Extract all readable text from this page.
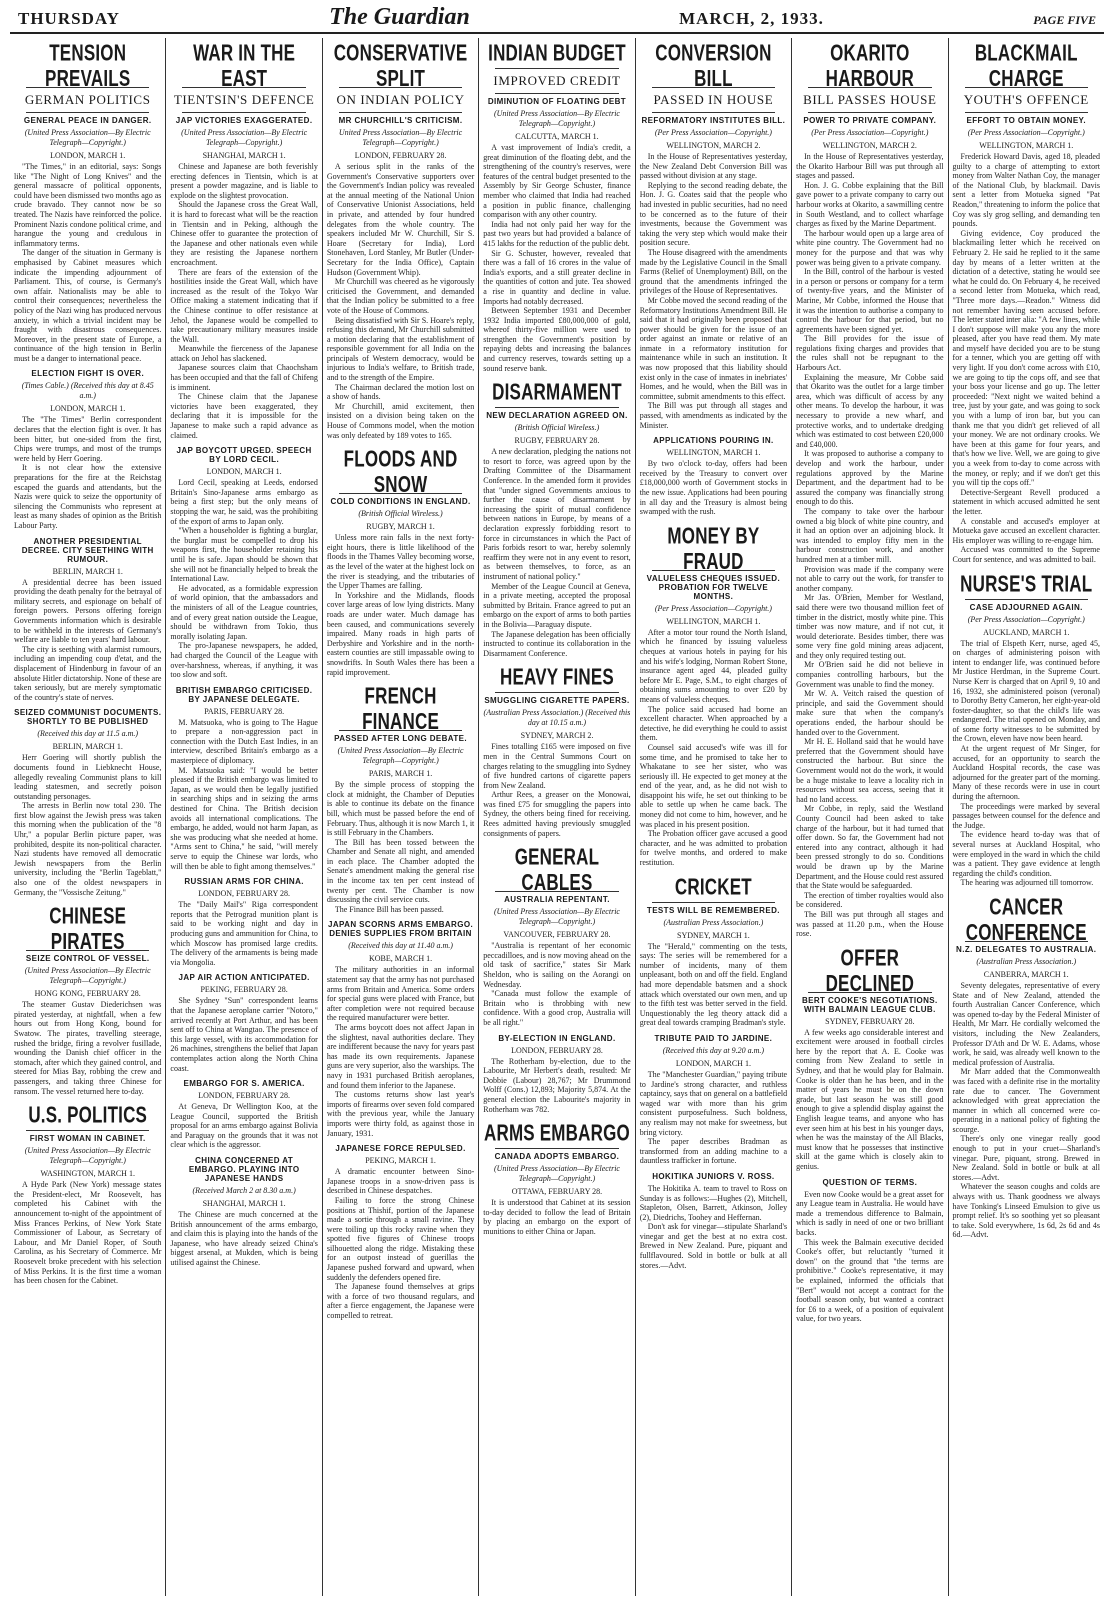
THURSDAY	The Guardian	MARCH, 2, 1933.	PAGE FIVE
TENSION PREVAILS
GERMAN POLITICS
GENERAL PEACE IN DANGER.
(United Press Association—By Electric Telegraph—Copyright.)
LONDON, MARCH 1.

"The Times," in an editorial, says: Songs like "The Night of Long Knives" and the general massacre of political opponents, could have been dismissed two months ago as crude bravado. They cannot now be so treated. The Nazis have reinforced the police. Prominent Nazis condone political crime, and harangue the young and credulous in inflammatory terms.

The danger of the situation in Germany is emphasised by Cabinet measures which indicate the impending adjournment of Parliament. This, of course, is Germany's own affair. Nationalists may be able to control their consequences; nevertheless the policy of the Nazi wing has produced nervous anxiety, in which a trivial incident may be fraught with disastrous consequences. Moreover, in the present state of Europe, a continuance of the high tension in Berlin must be a danger to international peace.

ELECTION FIGHT IS OVER.
(Times Cable.) (Received this day at 8.45 a.m.)
LONDON, MARCH 1.

The "The Times" Berlin correspondent declares that the election fight is over. It has been bitter, but one-sided from the first, Chips were trumps, and most of the trumps were held by Herr Goering.

It is not clear how the extensive preparations for the fire at the Reichstag escaped the guards and attendants, but the Nazis were quick to seize the opportunity of silencing the Communists who represent at least as many shades of opinion as the British Labour Party.

ANOTHER PRESIDENTIAL DECREE. CITY SEETHING WITH RUMOUR.
BERLIN, MARCH 1.

A presidential decree has been issued providing the death penalty for the betrayal of military secrets, and espionage on behalf of foreign powers. Persons offering foreign Governments information which is desirable to be withheld in the interests of Germany's welfare are liable to ten years' hard labour.

The city is seething with alarmist rumours, including an impending coup d'etat, and the displacement of Hindenburg in favour of an absolute Hitler dictatorship. None of these are taken seriously, but are merely symptomatic of the country's state of nerves.

SEIZED COMMUNIST DOCUMENTS. SHORTLY TO BE PUBLISHED
(Received this day at 11.5 a.m.)
BERLIN, MARCH 1.

Herr Goering will shortly publish the documents found in Liebknecht House, allegedly revealing Communist plans to kill leading statesmen, and secretly poison outstanding personages.

The arrests in Berlin now total 230. The first blow against the Jewish press was taken this morning when the publication of the "8 Uhr," a popular Berlin picture paper, was prohibited, despite its non-political character. Nazi students have removed all democratic Jewish newspapers from the Berlin university, including the "Berlin Tageblatt," also one of the oldest newspapers in Germany, the "Vossische Zeitung."

CHINESE PIRATES
SEIZE CONTROL OF VESSEL.
(United Press Association—By Electric Telegraph—Copyright.)
HONG KONG, FEBRUARY 28.

The steamer Gustav Diederichsen was pirated yesterday, at nightfall, when a few hours out from Hong Kong, bound for Swatow. The pirates, travelling steerage, rushed the bridge, firing a revolver fusillade, wounding the Danish chief officer in the stomach, after which they gained control, and steered for Mias Bay, robbing the crew and passengers, and taking three Chinese for ransom. The vessel returned here to-day.

U.S. POLITICS
FIRST WOMAN IN CABINET.
(United Press Association—By Electric Telegraph—Copyright.)
WASHINGTON, MARCH 1.

A Hyde Park (New York) message states the President-elect, Mr Roosevelt, has completed his Cabinet with the announcement to-night of the appointment of Miss Frances Perkins, of New York State Commissioner of Labour, as Secretary of Labour, and Mr Daniel Roper, of South Carolina, as his Secretary of Commerce. Mr Roosevelt broke precedent with his selection of Miss Perkins. It is the first time a woman has been chosen for the Cabinet.

WAR IN THE EAST
TIENTSIN'S DEFENCE
JAP VICTORIES EXAGGERATED.
(United Press Association—By Electric Telegraph—Copyright.)
SHANGHAI, MARCH 1.

Chinese and Japanese are both feverishly erecting defences in Tientsin, which is at present a powder magazine, and is liable to explode on the slightest provocation.

Should the Japanese cross the Great Wall, it is hard to forecast what will be the reaction in Tientsin and in Peking, although the Chinese offer to guarantee the protection of the Japanese and other nationals even while they are resisting the Japanese northern encroachment.

There are fears of the extension of the hostilities inside the Great Wall, which have increased as the result of the Tokyo War Office making a statement indicating that if the Chinese continue to offer resistance at Jehol, the Japanese would be compelled to take precautionary military measures inside the Wall.

Meanwhile the fierceness of the Japanese attack on Jehol has slackened.

Japanese sources claim that Chaochsham has been occupied and that the fall of Chifeng is imminent.

The Chinese claim that the Japanese victories have been exaggerated, they declaring that it is impossible for the Japanese to make such a rapid advance as claimed.

JAP BOYCOTT URGED. SPEECH BY LORD CECIL.
LONDON, MARCH 1.

Lord Cecil, speaking at Leeds, endorsed Britain's Sino-Japanese arms embargo as being a first step; but the only means of stopping the war, he said, was the prohibiting of the export of arms to Japan only.

"When a householder is fighting a burglar, the burglar must be compelled to drop his weapons first, the householder retaining his until he is safe. Japan should be shown that she will not be financially helped to break the International Law.

He advocated, as a formidable expression of world opinion, that the ambassadors and the ministers of all of the League countries, and of every great nation outside the League, should be withdrawn from Tokio, thus morally isolating Japan.

The pro-Japanese newspapers, he added, had charged the Council of the League with over-harshness, whereas, if anything, it was too slow and soft.

BRITISH EMBARGO CRITICISED. BY JAPANESE DELEGATE.
PARIS, FEBRUARY 28.

M. Matsuoka, who is going to The Hague to prepare a non-aggression pact in connection with the Dutch East Indies, in an interview, described Britain's embargo as a masterpiece of diplomacy.

M. Matsuoka said: "I would be better pleased if the British embargo was limited to Japan, as we would then be legally justified in searching ships and in seizing the arms destined for China. The British decision avoids all international complications. The embargo, he added, would not harm Japan, as she was producing what she needed at home. "Arms sent to China," he said, "will merely serve to equip the Chinese war lords, who will then be able to fight among themselves."

RUSSIAN ARMS FOR CHINA.
LONDON, FEBRUARY 28.

The "Daily Mail's" Riga correspondent reports that the Petrograd munition plant is said to be working night and day in producing guns and ammunition for China, to which Moscow has promised large credits. The delivery of the armaments is being made via Mongolia.

JAP AIR ACTION ANTICIPATED.
PEKING, FEBRUARY 28.

She Sydney "Sun" correspondent learns that the Japanese aeroplane carrier "Notoro," arrived recently at Port Arthur, and has been sent off to China at Wangtao. The presence of this large vessel, with its accommodation for 26 machines, strengthens the belief that Japan contemplates action along the North China coast.

EMBARGO FOR S. AMERICA.
LONDON, FEBRUARY 28.

At Geneva, Dr Wellington Koo, at the League Council, supported the British proposal for an arms embargo against Bolivia and Paraguay on the grounds that it was not clear which is the aggressor.

CHINA CONCERNED AT EMBARGO. PLAYING INTO JAPANESE HANDS
(Received March 2 at 8.30 a.m.)
SHANGHAI, MARCH 1.

The Chinese are much concerned at the British announcement of the arms embargo, and claim this is playing into the hands of the Japanese, who have already seized China's biggest arsenal, at Mukden, which is being utilised against the Chinese.

CONSERVATIVE SPLIT
ON INDIAN POLICY
MR CHURCHILL'S CRITICISM.
United Press Association—By Electric Telegraph—Copyright.)
LONDON, FEBRUARY 28.

A serious split in the ranks of the Government's Conservative supporters over the Government's Indian policy was revealed at the annual meeting of the National Union of Conservative Unionist Associations, held in private, and attended by four hundred delegates from the whole country. The speakers included Mr W. Churchill, Sir S. Hoare (Secretary for India), Lord Stonehaven, Lord Stanley, Mr Butler (Under-Secretary for the India Office), Captain Hudson (Government Whip).

Mr Churchill was cheered as he vigorously criticised the Government, and demanded that the Indian policy be submitted to a free vote of the House of Commons.

Being dissatisfied with Sir S. Hoare's reply, refusing this demand, Mr Churchill submitted a motion declaring that the establishment of responsible government for all India on the principals of Western democracy, would be injurious to India's welfare, to British trade, and to the strength of the Empire.

The Chairman declared the motion lost on a show of hands.

Mr Churchill, amid excitement, then insisted on a division being taken on the House of Commons model, when the motion was only defeated by 189 votes to 165.

FLOODS AND SNOW
COLD CONDITIONS IN ENGLAND.
(British Official Wireless.)
RUGBY, MARCH 1.

Unless more rain falls in the next forty-eight hours, there is little likelihood of the floods in the Thames Valley becoming worse, as the level of the water at the highest lock on the river is steadying, and the tributaries of the Upper Thames are falling.

In Yorkshire and the Midlands, floods cover large areas of low lying districts. Many roads are under water. Much damage has been caused, and communications severely impaired. Many roads in high parts of Derbyshire and Yorkshire and in the north-eastern counties are still impassable owing to snowdrifts. In South Wales there has been a rapid improvement.

FRENCH FINANCE
PASSED AFTER LONG DEBATE.
(United Press Association—By Electric Telegraph—Copyright.)
PARIS, MARCH 1.

By the simple process of stopping the clock at midnight, the Chamber of Deputies is able to continue its debate on the finance bill, which must be passed before the end of February. Thus, although it is now March 1, it is still February in the Chambers.

The Bill has been tossed between the Chamber and Senate all night, and amended in each place. The Chamber adopted the Senate's amendment making the general rise in the income tax ten per cent instead of twenty per cent. The Chamber is now discussing the civil service cuts.

The Finance Bill has been passed.

JAPAN SCORNS ARMS EMBARGO. DENIES SUPPLIES FROM BRITAIN
(Received this day at 11.40 a.m.)
KOBE, MARCH 1.

The military authorities in an informal statement say that the army has not purchased arms from Britain and America. Some orders for special guns were placed with France, but after completion were not required because the required manufacturer were better.

The arms boycott does not affect Japan in the slightest, naval authorities declare. They are indifferent because the navy for years past has made its own requirements. Japanese guns are very superior, also the warships. The navy in 1931 purchased British aeroplanes, and found them inferior to the Japanese.

The customs returns show last year's imports of firearms over seven fold compared with the previous year, while the January imports were thirty fold, as against those in January, 1931.

JAPANESE FORCE REPULSED.
PEKING, MARCH 1.

A dramatic encounter between Sino-Japanese troops in a snow-driven pass is described in Chinese despatches.

Failing to force the strong Chinese positions at Thishif, portion of the Japanese made a sortie through a small ravine. They were toiling up this rocky ravine when they spotted five figures of Chinese troops silhouetted along the ridge. Mistaking these for an outpost instead of guerillas the Japanese pushed forward and upward, when suddenly the defenders opened fire.

The Japanese found themselves at grips with a force of two thousand regulars, and after a fierce engagement, the Japanese were compelled to retreat.

INDIAN BUDGET
IMPROVED CREDIT
DIMINUTION OF FLOATING DEBT
(United Press Association—By Electric Telegraph—Copyright.)
CALCUTTA, MARCH 1.

A vast improvement of India's credit, a great diminution of the floating debt, and the strengthening of the country's reserves, were features of the central budget presented to the Assembly by Sir George Schuster, finance member who claimed that India had reached a position in public finance, challenging comparison with any other country.

India had not only paid her way for the past two years but had provided a balance of 415 lakhs for the reduction of the public debt.

Sir G. Schuster, however, revealed that there was a fall of 16 crores in the value of India's exports, and a still greater decline in the quantities of cotton and jute. Tea showed a rise in quantity and decline in value. Imports had notably decreased.

Between September 1931 and December 1932 India imported £80,000,000 of gold, whereof thirty-five million were used to strengthen the Government's position by repaying debts and increasing the balances and currency reserves, towards setting up a sound reserve bank.

DISARMAMENT
NEW DECLARATION AGREED ON.
(British Official Wireless.)
RUGBY, FEBRUARY 28.

A new declaration, pledging the nations not to resort to force, was agreed upon by the Drafting Committee of the Disarmament Conference. In the amended form it provides that "under signed Governments anxious to further the cause of disarmament by increasing the spirit of mutual confidence between nations in Europe, by means of a declaration expressly forbidding resort to force in circumstances in which the Pact of Paris forbids resort to war, hereby solemnly reaffirm they were not in any event to resort, as between themselves, to force, as an instrument of national policy."

Member of the League Council at Geneva, in a private meeting, accepted the proposal submitted by Britain. France agreed to put an embargo on the export of arms to both parties in the Bolivia—Paraguay dispute.

The Japanese delegation has been officially instructed to continue its collaboration in the Disarmament Conference.

HEAVY FINES
SMUGGLING CIGARETTE PAPERS.
(Australian Press Association.) (Received this day at 10.15 a.m.)
SYDNEY, MARCH 2.

Fines totalling £165 were imposed on five men in the Central Summons Court on charges relating to the smuggling into Sydney of five hundred cartons of cigarette papers from New Zealand.

Arthur Rees, a greaser on the Monowai, was fined £75 for smuggling the papers into Sydney, the others being fined for receiving. Rees admitted having previously smuggled consignments of papers.

GENERAL CABLES
AUSTRALIA REPENTANT.
(United Press Association—By Electric Telegraph—Copyright.)
VANCOUVER, FEBRUARY 28.

"Australia is repentant of her economic peccadilloes, and is now moving ahead on the old task of sacrifice," states Sir Mark Sheldon, who is sailing on the Aorangi on Wednesday.

"Canada must follow the example of Britain who is throbbing with new confidence. With a good crop, Australia will be all right."

BY-ELECTION IN ENGLAND.
LONDON, FEBRUARY 28.

The Rotherham by-election, due to the Labourite, Mr Herbert's death, resulted: Mr Dobbie (Labour) 28,767; Mr Drummond Wolff (Cons.) 12,893; Majority 5,874. At the general election the Labourite's majority in Rotherham was 782.

ARMS EMBARGO
CANADA ADOPTS EMBARGO.
(United Press Association—By Electric Telegraph—Copyright.)
OTTAWA, FEBRUARY 28.

It is understood that Cabinet at its session to-day decided to follow the lead of Britain by placing an embargo on the export of munitions to either China or Japan.

CONVERSION BILL
PASSED IN HOUSE
REFORMATORY INSTITUTES BILL.
(Per Press Association—Copyright.)
WELLINGTON, MARCH 2.

In the House of Representatives yesterday, the New Zealand Debt Conversion Bill was passed without division at any stage.

Replying to the second reading debate, the Hon. J. G. Coates said that the people who had invested in public securities, had no need to be concerned as to the future of their investments, because the Government was taking the very step which would make their position secure.

The House disagreed with the amendments made by the Legislative Council in the Small Farms (Relief of Unemployment) Bill, on the ground that the amendments infringed the privileges of the House of Representatives.

Mr Cobbe moved the second reading of the Reformatory Institutions Amendment Bill. He said that it had originally been proposed that power should be given for the issue of an order against an inmate or relative of an inmate in a reformatory institution for maintenance while in such an institution. It was now proposed that this liability should exist only in the case of inmates in inebriates' Homes, and he would, when the Bill was in committee, submit amendments to this effect.

The Bill was put through all stages and passed, with amendments as indicated by the Minister.

APPLICATIONS POURING IN.
WELLINGTON, MARCH 1.

By two o'clock to-day, offers had been received by the Treasury to convert over £18,000,000 worth of Government stocks in the new issue. Applications had been pouring in all day and the Treasury is almost being swamped with the rush.

MONEY BY FRAUD
VALUELESS CHEQUES ISSUED. PROBATION FOR TWELVE MONTHS.
(Per Press Association—Copyright.)
WELLINGTON, MARCH 1.

After a motor tour round the North Island, which he financed by issuing valueless cheques at various hotels in paying for his and his wife's lodging, Norman Robert Stone, insurance agent aged 44, pleaded guilty before Mr E. Page, S.M., to eight charges of obtaining sums amounting to over £20 by means of valueless cheques.

The police said accused had borne an excellent character. When approached by a detective, he did everything he could to assist them.

Counsel said accused's wife was ill for some time, and he promised to take her to Whakatane to see her sister, who was seriously ill. He expected to get money at the end of the year, and, as he did not wish to disappoint his wife, he set out thinking to be able to settle up when he came back. The money did not come to him, however, and he was placed in his present position.

The Probation officer gave accused a good character, and he was admitted to probation for twelve months, and ordered to make restitution.

CRICKET
TESTS WILL BE REMEMBERED.
(Australian Press Association.)
SYDNEY, MARCH 1.

The "Herald," commenting on the tests, says: The series will be remembered for a number of incidents, many of them unpleasant, both on and off the field. England had more dependable batsmen and a shock attack which overstated our own men, and up to the fifth test was better served in the field. Unquestionably the leg theory attack did a great deal towards cramping Bradman's style.

TRIBUTE PAID TO JARDINE.
(Received this day at 9.20 a.m.)
LONDON, MARCH 1.

The "Manchester Guardian," paying tribute to Jardine's strong character, and ruthless captaincy, says that on general on a battlefield waged war with more than his grim consistent purposefulness. Such boldness, any realism may not make for sweetness, but bring victory.

The paper describes Bradman as transformed from an adding machine to a dauntless trafficker in fortune.

HOKITIKA JUNIORS V. ROSS.

The Hokitika A. team to travel to Ross on Sunday is as follows:—Hughes (2), Mitchell, Stapleton, Olsen, Barrett, Atkinson, Jolley (2), Diedrichs, Toohey and Heffernan.

Don't ask for vinegar—stipulate Sharland's vinegar and get the best at no extra cost. Brewed in New Zealand. Pure, piquant and fullflavoured. Sold in bottle or bulk at all stores.—Advt.

OKARITO HARBOUR
BILL PASSES HOUSE
POWER TO PRIVATE COMPANY.
(Per Press Association—Copyright.)
WELLINGTON, MARCH 2.

In the House of Representatives yesterday, the Okarito Harbour Bill was put through all stages and passed.

Hon. J. G. Cobbe explaining that the Bill gave power to a private company to carry out harbour works at Okarito, a sawmilling centre in South Westland, and to collect wharfage charges as fixed by the Marine Department.

The harbour would open up a large area of white pine country. The Government had no money for the purpose and that was why power was being given to a private company.

In the Bill, control of the harbour is vested in a person or persons or company for a term of twenty-five years, and the Minister of Marine, Mr Cobbe, informed the House that it was the intention to authorise a company to control the harbour for that period, but no agreements have been signed yet.

The Bill provides for the issue of regulations fixing charges and provides that the rules shall not be repugnant to the Harbours Act.

Explaining the measure, Mr Cobbe said that Okarito was the outlet for a large timber area, which was difficult of access by any other means. To develop the harbour, it was necessary to provide a new wharf, and protective works, and to undertake dredging which was estimated to cost between £20,000 and £40,000.

It was proposed to authorise a company to develop and work the harbour, under regulations approved by the Marine Department, and the department had to be assured the company was financially strong enough to do this.

The company to take over the harbour owned a big block of white pine country, and it had an option over an adjoining block. It was intended to employ fifty men in the harbour construction work, and another hundred men at a timber mill.

Provision was made if the company were not able to carry out the work, for transfer to another company.

Mr Jas. O'Brien, Member for Westland, said there were two thousand million feet of timber in the district, mostly white pine. This timber was now mature, and if not cut, it would deteriorate. Besides timber, there was some very fine gold mining areas adjacent, and they only required testing out.

Mr O'Brien said he did not believe in companies controlling harbours, but the Government was unable to find the money.

Mr W. A. Veitch raised the question of principle, and said the Government should make sure that when the company's operations ended, the harbour should be handed over to the Government.

Mr H. E. Holland said that he would have preferred that the Government should have constructed the harbour. But since the Government would not do the work, it would be a huge mistake to leave a locality rich in resources without sea access, seeing that it had no land access.

Mr Cobbe, in reply, said the Westland County Council had been asked to take charge of the harbour, but it had turned that offer down. So far, the Government had not entered into any contract, although it had been pressed strongly to do so. Conditions would be drawn up by the Marine Department, and the House could rest assured that the State would be safeguarded.

The erection of timber royalties would also be considered.

The Bill was put through all stages and was passed at 11.20 p.m., when the House rose.

OFFER DECLINED
BERT COOKE'S NEGOTIATIONS. WITH BALMAIN LEAGUE CLUB.
SYDNEY, FEBRUARY 28.

A few weeks ago considerable interest and excitement were aroused in football circles here by the report that A. E. Cooke was coming from New Zealand to settle in Sydney, and that he would play for Balmain. Cooke is older than he has been, and in the matter of years he must be on the down grade, but last season he was still good enough to give a splendid display against the English league teams, and anyone who has ever seen him at his best in his younger days, when he was the mainstay of the All Blacks, must know that he possesses that instinctive skill at the game which is closely akin to genius.

QUESTION OF TERMS.

Even now Cooke would be a great asset for any League team in Australia. He would have made a tremendous difference to Balmain, which is sadly in need of one or two brilliant backs.

This week the Balmain executive decided Cooke's offer, but reluctantly "turned it down" on the ground that "the terms are prohibitive." Cooke's representative, it may be explained, informed the officials that "Bert" would not accept a contract for the football season only, but wanted a contract for £6 to a week, of a position of equivalent value, for two years.

BLACKMAIL CHARGE
YOUTH'S OFFENCE
EFFORT TO OBTAIN MONEY.
(Per Press Association—Copyright.)
WELLINGTON, MARCH 1.

Frederick Howard Davis, aged 18, pleaded guilty to a charge of attempting to extort money from Walter Nathan Coy, the manager of the National Club, by blackmail. Davis sent a letter from Motueka signed "Pat Readon," threatening to inform the police that Coy was sly grog selling, and demanding ten pounds.

Giving evidence, Coy produced the blackmailing letter which he received on February 2. He said he replied to it the same day by means of a letter written at the dictation of a detective, stating he would see what he could do. On February 4, he received a second letter from Motueka, which read, "Three more days.—Readon." Witness did not remember having seen accused before. The letter stated inter alia: "A few lines, while I don't suppose will make you any the more pleased, after you have read them. My mate and myself have decided you are to be stung for a tenner, which you are getting off with very light. If you don't come across with £10, we are going to tip the cops off, and see that your boss your license and go up. The letter proceeded: "Next night we waited behind a tree, just by your gate, and was going to sock you with a lump of iron bar, but you can thank me that you didn't get relieved of all your money. We are not ordinary crooks. We have been at this game for four years, and that's how we live. Well, we are going to give you a week from to-day to come across with the money, or reply; and if we don't get this you will tip the cops off."

Detective-Sergeant Revell produced a statement in which accused admitted he sent the letter.

A constable and accused's employer at Motueka gave accused an excellent character. His employer was willing to re-engage him.

Accused was committed to the Supreme Court for sentence, and was admitted to bail.

NURSE'S TRIAL
CASE ADJOURNED AGAIN.
(Per Press Association—Copyright.)
AUCKLAND, MARCH 1.

The trial of Elspeth Kerr, nurse, aged 45, on charges of administering poison with intent to endanger life, was continued before Mr Justice Herdman, in the Supreme Court. Nurse Kerr is charged that on April 9, 10 and 16, 1932, she administered poison (veronal) to Dorothy Betty Cameron, her eight-year-old foster-daughter, so that the child's life was endangered. The trial opened on Monday, and of some forty witnesses to be submitted by the Crown, eleven have now been heard.

At the urgent request of Mr Singer, for accused, for an opportunity to search the Auckland Hospital records, the case was adjourned for the greater part of the morning. Many of these records were in use in court during the afternoon.

The proceedings were marked by several passages between counsel for the defence and the Judge.

The evidence heard to-day was that of several nurses at Auckland Hospital, who were employed in the ward in which the child was a patient. They gave evidence at length regarding the child's condition.

The hearing was adjourned till tomorrow.

CANCER CONFERENCE
N.Z. DELEGATES TO AUSTRALIA.
(Australian Press Association.)
CANBERRA, MARCH 1.

Seventy delegates, representative of every State and of New Zealand, attended the fourth Australian Cancer Conference, which was opened to-day by the Federal Minister of Health, Mr Marr. He cordially welcomed the visitors, including the New Zealanders, Professor D'Ath and Dr W. E. Adams, whose work, he said, was already well known to the medical profession of Australia.

Mr Marr added that the Commonwealth was faced with a definite rise in the mortality rate due to cancer. The Government acknowledged with great appreciation the manner in which all concerned were co-operating in a national policy of fighting the scourge.

There's only one vinegar really good enough to put in your cruet—Sharland's vinegar. Pure, piquant, strong. Brewed in New Zealand. Sold in bottle or bulk at all stores.—Advt.

Whatever the season coughs and colds are always with us. Thank goodness we always have Tonking's Linseed Emulsion to give us prompt relief. It's so soothing yet so pleasant to take. Sold everywhere, 1s 6d, 2s 6d and 4s 6d.—Advt.
